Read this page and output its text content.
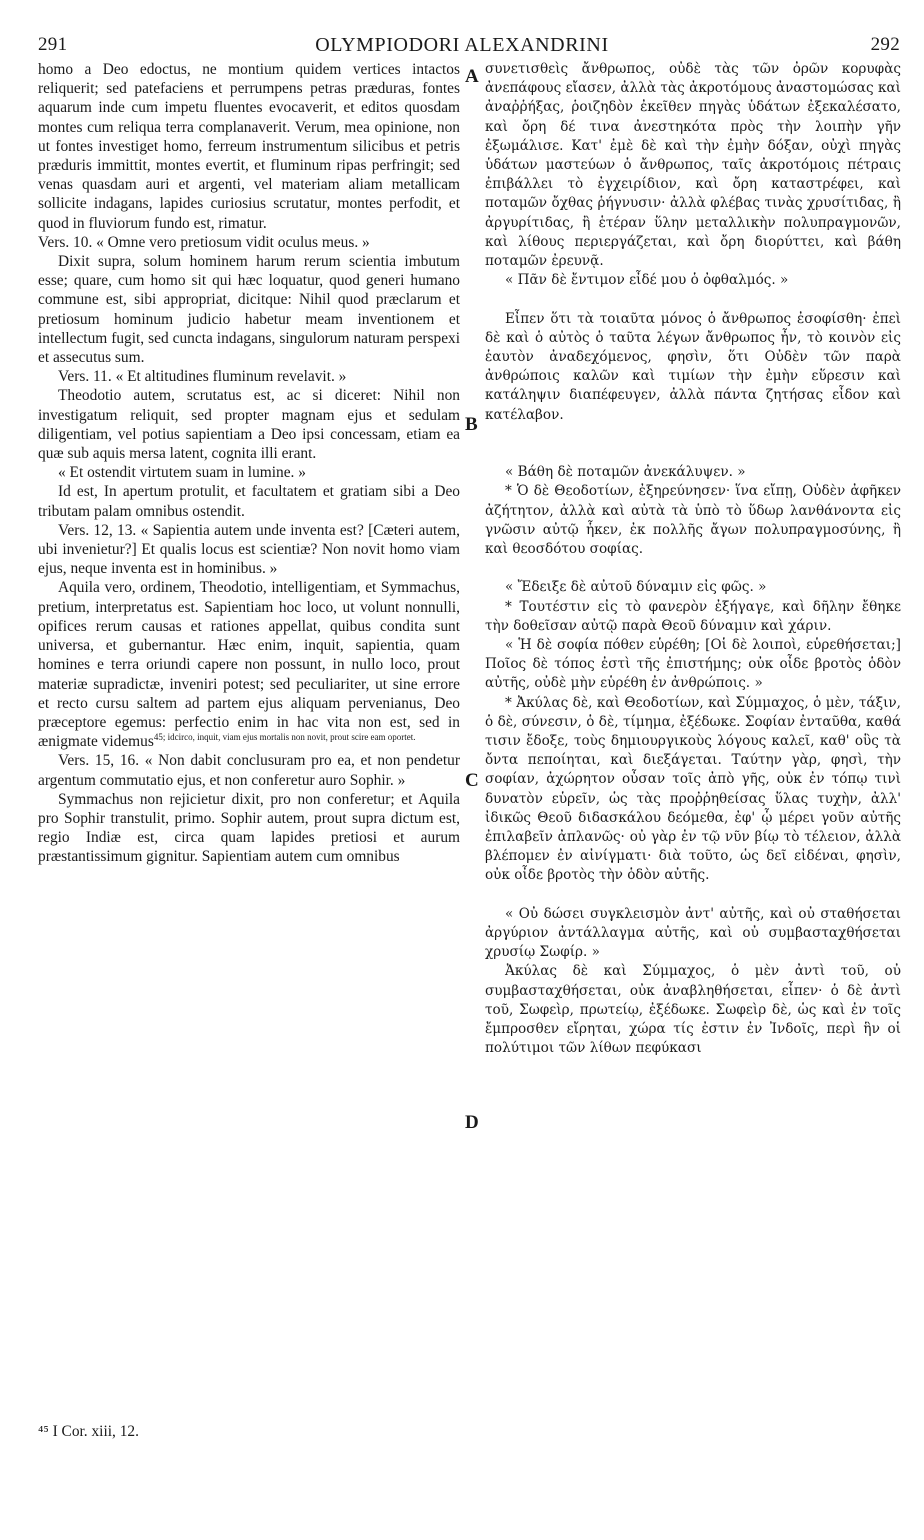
291	OLYMPIODORI ALEXANDRINI	292

homo a Deo edoctus, ne montium quidem vertices intactos reliquerit; sed patefaciens et perrumpens petras præduras, fontes aquarum inde cum impetu fluentes evocaverit, et editos quosdam montes cum reliqua terra complanaverit. Verum, mea opinione, non ut fontes investiget homo, ferreum instrumentum silicibus et petris præduris immittit, montes evertit, et fluminum ripas perfringit; sed venas quasdam auri et argenti, vel materiam aliam metallicam sollicite indagans, lapides curiosius scrutatur, montes perfodit, et quod in fluviorum fundo est, rimatur.

Vers. 10. « Omne vero pretiosum vidit oculus meus. »

Dixit supra, solum hominem harum rerum scientia imbutum esse; quare, cum homo sit qui hæc loquatur, quod generi humano commune est, sibi appropriat, dicitque: Nihil quod præclarum et pretiosum hominum judicio habetur meam inventionem et intellectum fugit, sed cuncta indagans, singulorum naturam perspexi et assecutus sum.

Vers. 11. « Et altitudines fluminum revelavit. »

Theodotio autem, scrutatus est, ac si diceret: Nihil non investigatum reliquit, sed propter magnam ejus et sedulam diligentiam, vel potius sapientiam a Deo ipsi concessam, etiam ea quæ sub aquis mersa latent, cognita illi erant.

« Et ostendit virtutem suam in lumine. »

Id est, In apertum protulit, et facultatem et gratiam sibi a Deo tributam palam omnibus ostendit.

Vers. 12, 13. « Sapientia autem unde inventa est? [Cæteri autem, ubi invenietur?] Et qualis locus est scientiæ? Non novit homo viam ejus, neque inventa est in hominibus. »

Aquila vero, ordinem, Theodotio, intelligentiam, et Symmachus, pretium, interpretatus est. Sapientiam hoc loco, ut volunt nonnulli, opifices rerum causas et rationes appellat, quibus condita sunt universa, et gubernantur. Hæc enim, inquit, sapientia, quam homines e terra oriundi capere non possunt, in nullo loco, prout materiæ supradictæ, inveniri potest; sed peculiariter, ut sine errore et recto cursu saltem ad partem ejus aliquam pervenianus, Deo præceptore egemus: perfectio enim in hac vita non est, sed in ænigmate videmus$^{45; idcirco, inquit, viam ejus mortalis non novit, prout scire eam oportet.}$

Vers. 15, 16. « Non dabit conclusuram pro ea, et non pendetur argentum commutatio ejus, et non conferetur auro Sophir. »

Symmachus non rejicietur dixit, pro non conferetur; et Aquila pro Sophir transtulit, primo. Sophir autem, prout supra dictum est, regio Indiæ est, circa quam lapides pretiosi et aurum præstantissimum gignitur. Sapientiam autem cum omnibus

A
B
C
D

συνετισθεὶς ἄνθρωπος, οὐδὲ τὰς τῶν ὀρῶν κορυφὰς ἀνεπάφους εἴασεν, ἀλλὰ τὰς ἀκροτόμους ἀναστομώσας καὶ ἀναῤῥήξας, ῥοιζηδὸν ἐκεῖθεν πηγὰς ὑδάτων ἐξεκαλέσατο, καὶ ὄρη δέ τινα ἀνεστηκότα πρὸς τὴν λοιπὴν γῆν ἐξωμάλισε. Κατ' ἐμὲ δὲ καὶ τὴν ἐμὴν δόξαν, οὐχὶ πηγὰς ὑδάτων μαστεύων ὁ ἄνθρωπος, ταῖς ἀκροτόμοις πέτραις ἐπιβάλλει τὸ ἐγχειρίδιον, καὶ ὄρη καταστρέφει, καὶ ποταμῶν ὄχθας ῥήγνυσιν· ἀλλὰ φλέβας τινὰς χρυσίτιδας, ἢ ἀργυρίτιδας, ἢ ἑτέραν ὕλην μεταλλικὴν πολυπραγμονῶν, καὶ λίθους περιεργάζεται, καὶ ὄρη διορύττει, καὶ βάθη ποταμῶν ἐρευνᾷ.

« Πᾶν δὲ ἔντιμον εἶδέ μου ὁ ὀφθαλμός. »

Εἶπεν ὅτι τὰ τοιαῦτα μόνος ὁ ἄνθρωπος ἐσοφίσθη· ἐπεὶ δὲ καὶ ὁ αὐτὸς ὁ ταῦτα λέγων ἄνθρωπος ἦν, τὸ κοινὸν εἰς ἑαυτὸν ἀναδεχόμενος, φησὶν, ὅτι Οὐδὲν τῶν παρὰ ἀνθρώποις καλῶν καὶ τιμίων τὴν ἐμὴν εὕρεσιν καὶ κατάληψιν διαπέφευγεν, ἀλλὰ πάντα ζητήσας εἶδον καὶ κατέλαβον.

« Βάθη δὲ ποταμῶν ἀνεκάλυψεν. »

* Ὁ δὲ Θεοδοτίων, ἐξηρεύνησεν· ἵνα εἴπῃ, Οὐδὲν ἀφῆκεν ἀζήτητον, ἀλλὰ καὶ αὐτὰ τὰ ὑπὸ τὸ ὕδωρ λανθάνοντα εἰς γνῶσιν αὐτῷ ἧκεν, ἐκ πολλῆς ἄγων πολυπραγμοσύνης, ἢ καὶ θεοσδότου σοφίας.

« Ἔδειξε δὲ αὐτοῦ δύναμιν εἰς φῶς. »

* Τουτέστιν εἰς τὸ φανερὸν ἐξήγαγε, καὶ δῆλην ἔθηκε τὴν δοθεῖσαν αὐτῷ παρὰ Θεοῦ δύναμιν καὶ χάριν.

« Ἡ δὲ σοφία πόθεν εὑρέθη; [Οἱ δὲ λοιποὶ, εὑρεθήσεται;] Ποῖος δὲ τόπος ἐστὶ τῆς ἐπιστήμης; οὐκ οἶδε βροτὸς ὁδὸν αὐτῆς, οὐδὲ μὴν εὑρέθη ἐν ἀνθρώποις. »

* Ἀκύλας δὲ, καὶ Θεοδοτίων, καὶ Σύμμαχος, ὁ μὲν, τάξιν, ὁ δὲ, σύνεσιν, ὁ δὲ, τίμημα, ἐξέδωκε. Σοφίαν ἐνταῦθα, καθά τισιν ἔδοξε, τοὺς δημιουργικοὺς λόγους καλεῖ, καθ' οὓς τὰ ὄντα πεποίηται, καὶ διεξάγεται. Ταύτην γὰρ, φησὶ, τὴν σοφίαν, ἀχώρητον οὖσαν τοῖς ἀπὸ γῆς, οὐκ ἐν τόπῳ τινὶ δυνατὸν εὑρεῖν, ὡς τὰς προῤῥηθείσας ὕλας τυχὴν, ἀλλ' ἰδικῶς Θεοῦ διδασκάλου δεόμεθα, ἐφ' ᾧ μέρει γοῦν αὐτῆς ἐπιλαβεῖν ἀπλανῶς· οὐ γὰρ ἐν τῷ νῦν βίῳ τὸ τέλειον, ἀλλὰ βλέπομεν ἐν αἰνίγματι· διὰ τοῦτο, ὡς δεῖ εἰδέναι, φησὶν, οὐκ οἶδε βροτὸς τὴν ὁδὸν αὐτῆς.

« Οὐ δώσει συγκλεισμὸν ἀντ' αὐτῆς, καὶ οὐ σταθήσεται ἀργύριον ἀντάλλαγμα αὐτῆς, καὶ οὐ συμβασταχθήσεται χρυσίῳ Σωφίρ. »

Ἀκύλας δὲ καὶ Σύμμαχος, ὁ μὲν ἀντὶ τοῦ, οὐ συμβασταχθήσεται, οὐκ ἀναβληθήσεται, εἶπεν· ὁ δὲ ἀντὶ τοῦ, Σωφεὶρ, πρωτείῳ, ἐξέδωκε. Σωφεὶρ δὲ, ὡς καὶ ἐν τοῖς ἔμπροσθεν εἴρηται, χώρα τίς ἐστιν ἐν Ἰνδοῖς, περὶ ἣν οἱ πολύτιμοι τῶν λίθων πεφύκασι

⁴⁵ I Cor. xiii, 12.
